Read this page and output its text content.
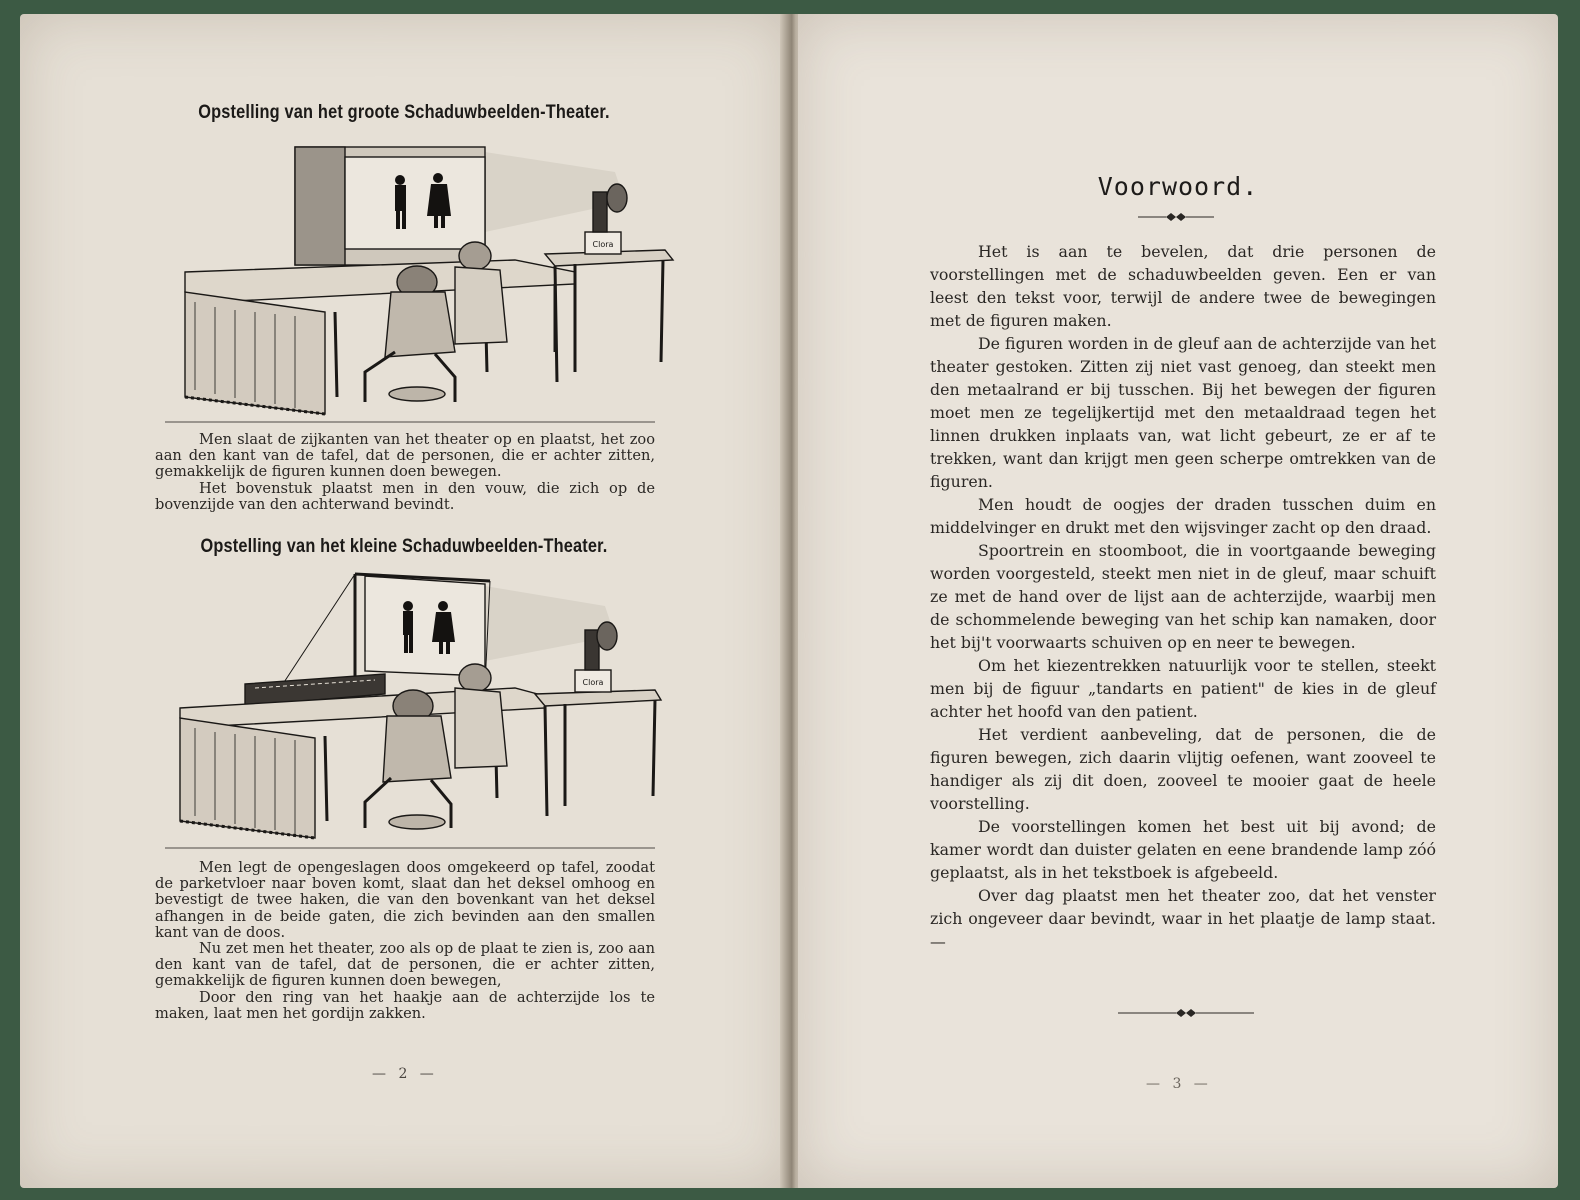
Opstelling van het groote Schaduwbeelden-Theater.
Clora

Men slaat de zijkanten van het theater op en plaatst, het zoo aan den kant van de tafel, dat de personen, die er achter zitten, gemakkelijk de figuren kunnen doen bewegen.

Het bovenstuk plaatst men in den vouw, die zich op de bovenzijde van den achterwand bevindt.

Opstelling van het kleine Schaduwbeelden-Theater.
Clora

Men legt de opengeslagen doos omgekeerd op tafel, zoodat de parketvloer naar boven komt, slaat dan het deksel omhoog en bevestigt de twee haken, die van den bovenkant van het deksel afhangen in de beide gaten, die zich bevinden aan den smallen kant van de doos.

Nu zet men het theater, zoo als op de plaat te zien is, zoo aan den kant van de tafel, dat de personen, die er achter zitten, gemakkelijk de figuren kunnen doen bewegen,

Door den ring van het haakje aan de achterzijde los te maken, laat men het gordijn zakken.

— 2 —
Voorwoord.

Het is aan te bevelen, dat drie personen de voorstellingen met de schaduwbeelden geven. Een er van leest den tekst voor, terwijl de andere twee de bewegingen met de figuren maken.

De figuren worden in de gleuf aan de achterzijde van het theater gestoken. Zitten zij niet vast genoeg, dan steekt men den metaalrand er bij tusschen. Bij het bewegen der figuren moet men ze tegelijkertijd met den metaaldraad tegen het linnen drukken inplaats van, wat licht gebeurt, ze er af te trekken, want dan krijgt men geen scherpe omtrekken van de figuren.

Men houdt de oogjes der draden tusschen duim en middelvinger en drukt met den wijsvinger zacht op den draad.

Spoortrein en stoomboot, die in voortgaande beweging worden voorgesteld, steekt men niet in de gleuf, maar schuift ze met de hand over de lijst aan de achterzijde, waarbij men de schommelende beweging van het schip kan namaken, door het bij't voorwaarts schuiven op en neer te bewegen.

Om het kiezentrekken natuurlijk voor te stellen, steekt men bij de figuur „tandarts en patient" de kies in de gleuf achter het hoofd van den patient.

Het verdient aanbeveling, dat de personen, die de figuren bewegen, zich daarin vlijtig oefenen, want zooveel te handiger als zij dit doen, zooveel te mooier gaat de heele voorstelling.

De voorstellingen komen het best uit bij avond; de kamer wordt dan duister gelaten en eene brandende lamp zóó geplaatst, als in het tekstboek is afgebeeld.

Over dag plaatst men het theater zoo, dat het venster zich ongeveer daar bevindt, waar in het plaatje de lamp staat. —

— 3 —
